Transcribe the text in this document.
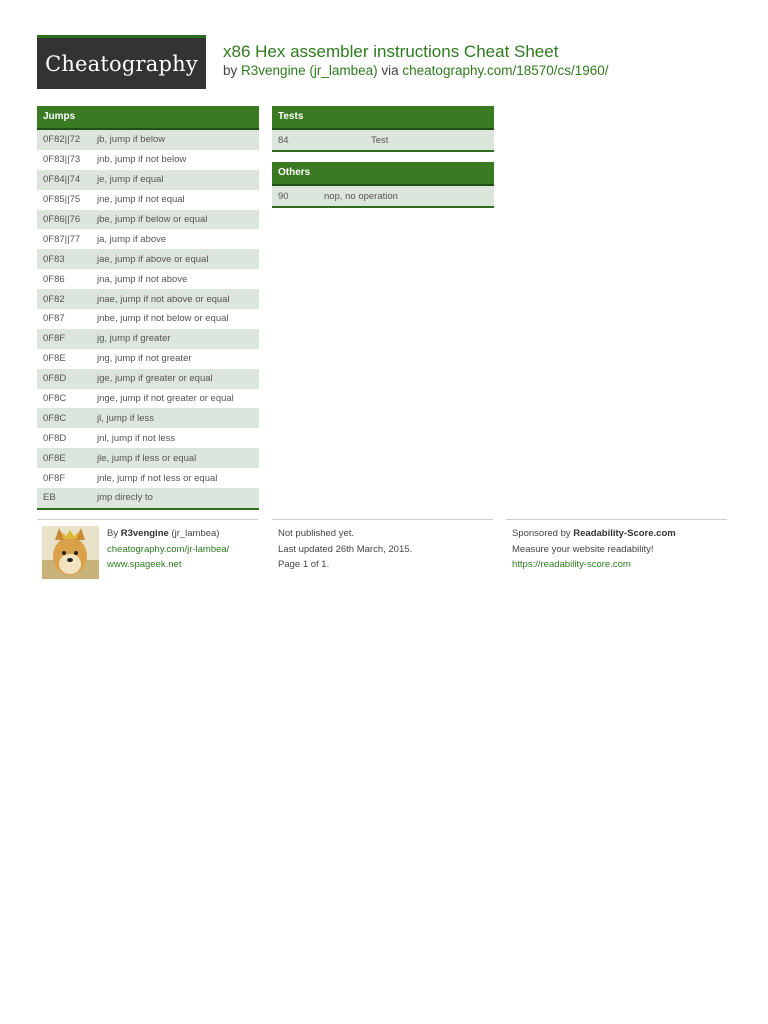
Cheatography x86 Hex assembler instructions Cheat Sheet
by R3vengine (jr_lambea) via cheatography.com/18570/cs/1960/
Jumps
0F82||72	jb, jump if below
0F83||73	jnb, jump if not below
0F84||74	je, jump if equal
0F85||75	jne, jump if not equal
0F86||76	jbe, jump if below or equal
0F87||77	ja, jump if above
0F83	jae, jump if above or equal
0F86	jna, jump if not above
0F82	jnae, jump if not above or equal
0F87	jnbe, jump if not below or equal
0F8F	jg, jump if greater
0F8E	jng, jump if not greater
0F8D	jge, jump if greater or equal
0F8C	jnge, jump if not greater or equal
0F8C	jl, jump if less
0F8D	jnl, jump if not less
0F8E	jle, jump if less or equal
0F8F	jnle, jump if not less or equal
EB	jmp direcly to
Tests
84	Test
Others
90	nop, no operation
By R3vengine (jr_lambea)
cheatography.com/jr-lambea/
www.spageek.net
Not published yet.
Last updated 26th March, 2015.
Page 1 of 1.
Sponsored by Readability-Score.com
Measure your website readability!
https://readability-score.com
